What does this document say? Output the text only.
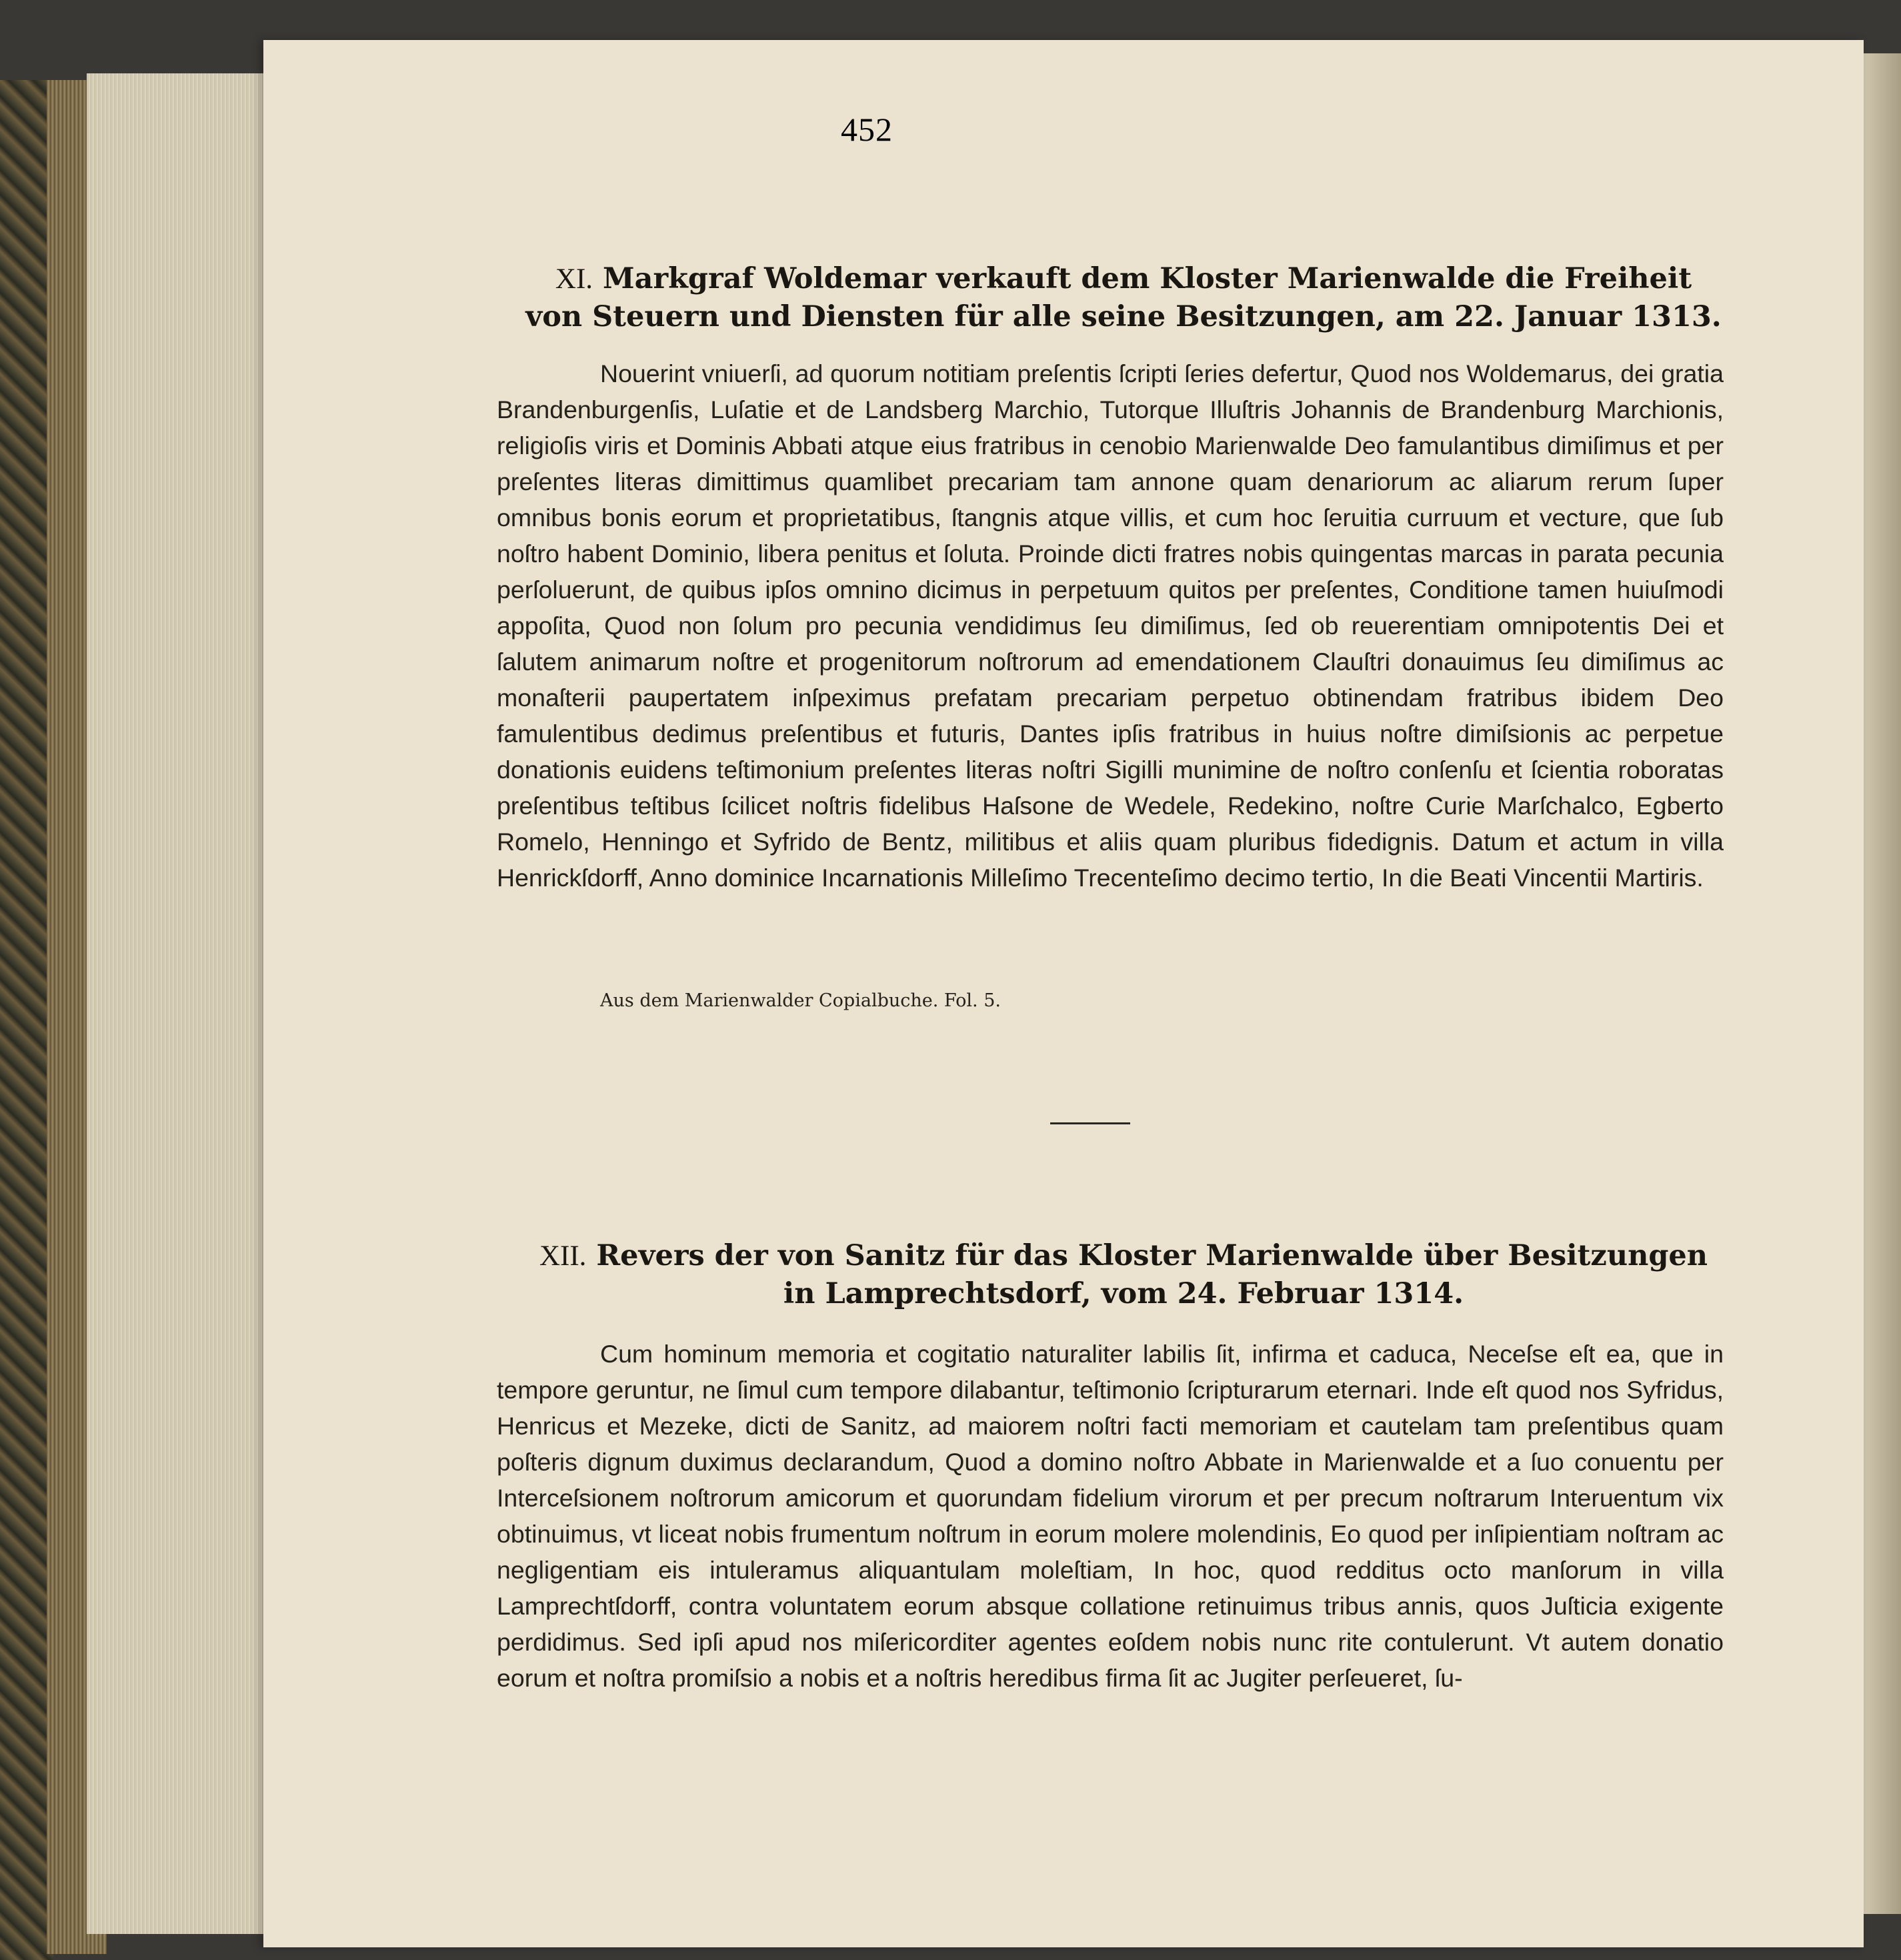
452
XI. Markgraf Woldemar verkauft dem Kloster Marienwalde die Freiheit von Steuern und Diensten für alle seine Besitzungen, am 22. Januar 1313.
Nouerint vniuerſi, ad quorum notitiam preſentis ſcripti ſeries defertur, Quod nos Woldemarus, dei gratia Brandenburgenſis, Luſatie et de Landsberg Marchio, Tutorque Illuſtris Johannis de Brandenburg Marchionis, religioſis viris et Dominis Abbati atque eius fratribus in cenobio Marienwalde Deo famulantibus dimiſimus et per preſentes literas dimittimus quamlibet precariam tam annone quam denariorum ac aliarum rerum ſuper omnibus bonis eorum et proprietatibus, ſtangnis atque villis, et cum hoc ſeruitia curruum et vecture, que ſub noſtro habent Dominio, libera penitus et ſoluta. Proinde dicti fratres nobis quingentas marcas in parata pecunia perſoluerunt, de quibus ipſos omnino dicimus in perpetuum quitos per preſentes, Conditione tamen huiuſmodi appoſita, Quod non ſolum pro pecunia vendidimus ſeu dimiſimus, ſed ob reuerentiam omnipotentis Dei et ſalutem animarum noſtre et progenitorum noſtrorum ad emendationem Clauſtri donauimus ſeu dimiſimus ac monaſterii paupertatem inſpeximus prefatam precariam perpetuo obtinendam fratribus ibidem Deo famulentibus dedimus preſentibus et futuris, Dantes ipſis fratribus in huius noſtre dimiſsionis ac perpetue donationis euidens teſtimonium preſentes literas noſtri Sigilli munimine de noſtro conſenſu et ſcientia roboratas preſentibus teſtibus ſcilicet noſtris fidelibus Haſsone de Wedele, Redekino, noſtre Curie Marſchalco, Egberto Romelo, Henningo et Syfrido de Bentz, militibus et aliis quam pluribus fidedignis. Datum et actum in villa Henrickſdorff, Anno dominice Incarnationis Milleſimo Trecenteſimo decimo tertio, In die Beati Vincentii Martiris.
Aus dem Marienwalder Copialbuche. Fol. 5.
XII. Revers der von Sanitz für das Kloster Marienwalde über Besitzungen in Lamprechtsdorf, vom 24. Februar 1314.
Cum hominum memoria et cogitatio naturaliter labilis ſit, infirma et caduca, Neceſse eſt ea, que in tempore geruntur, ne ſimul cum tempore dilabantur, teſtimonio ſcripturarum eternari. Inde eſt quod nos Syfridus, Henricus et Mezeke, dicti de Sanitz, ad maiorem noſtri facti memoriam et cautelam tam preſentibus quam poſteris dignum duximus declarandum, Quod a domino noſtro Abbate in Marienwalde et a ſuo conuentu per Interceſsionem noſtrorum amicorum et quorundam fidelium virorum et per precum noſtrarum Interuentum vix obtinuimus, vt liceat nobis frumentum noſtrum in eorum molere molendinis, Eo quod per inſipientiam noſtram ac negligentiam eis intuleramus aliquantulam moleſtiam, In hoc, quod redditus octo manſorum in villa Lamprechtſdorff, contra voluntatem eorum absque collatione retinuimus tribus annis, quos Juſticia exigente perdidimus. Sed ipſi apud nos miſericorditer agentes eoſdem nobis nunc rite contulerunt. Vt autem donatio eorum et noſtra promiſsio a nobis et a noſtris heredibus firma ſit ac Jugiter perſeueret, ſu-
